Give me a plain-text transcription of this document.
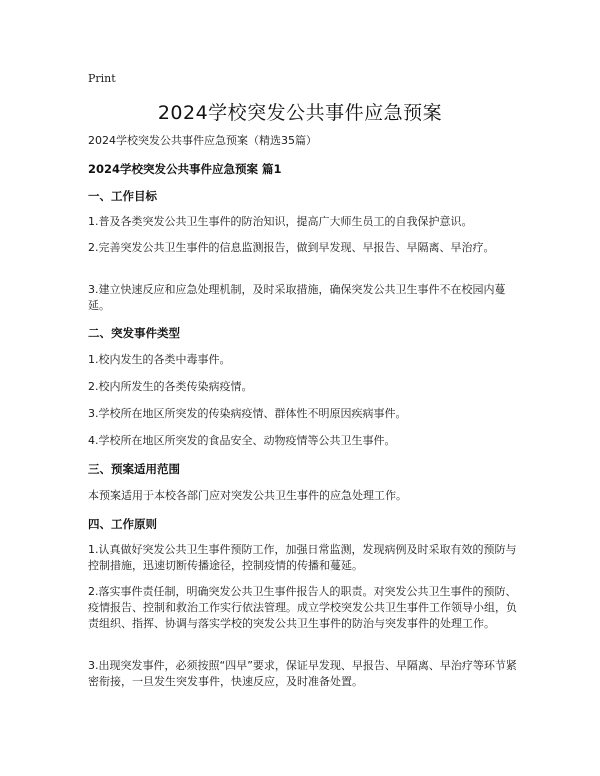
Print
2024学校突发公共事件应急预案
2024学校突发公共事件应急预案（精选35篇）
2024学校突发公共事件应急预案 篇1
一、工作目标
1.普及各类突发公共卫生事件的防治知识，提高广大师生员工的自我保护意识。
2.完善突发公共卫生事件的信息监测报告，做到早发现、早报告、早隔离、早治疗。
3.建立快速反应和应急处理机制，及时采取措施，确保突发公共卫生事件不在校园内蔓延。
二、突发事件类型
1.校内发生的各类中毒事件。
2.校内所发生的各类传染病疫情。
3.学校所在地区所突发的传染病疫情、群体性不明原因疾病事件。
4.学校所在地区所突发的食品安全、动物疫情等公共卫生事件。
三、预案适用范围
本预案适用于本校各部门应对突发公共卫生事件的应急处理工作。
四、工作原则
1.认真做好突发公共卫生事件预防工作，加强日常监测，发现病例及时采取有效的预防与控制措施，迅速切断传播途径，控制疫情的传播和蔓延。
2.落实事件责任制，明确突发公共卫生事件报告人的职责。对突发公共卫生事件的预防、疫情报告、控制和救治工作实行依法管理。成立学校突发公共卫生事件工作领导小组，负责组织、指挥、协调与落实学校的突发公共卫生事件的防治与突发事件的处理工作。
3.出现突发事件，必须按照“四早”要求，保证早发现、早报告、早隔离、早治疗等环节紧密衔接，一旦发生突发事件，快速反应，及时准备处置。
